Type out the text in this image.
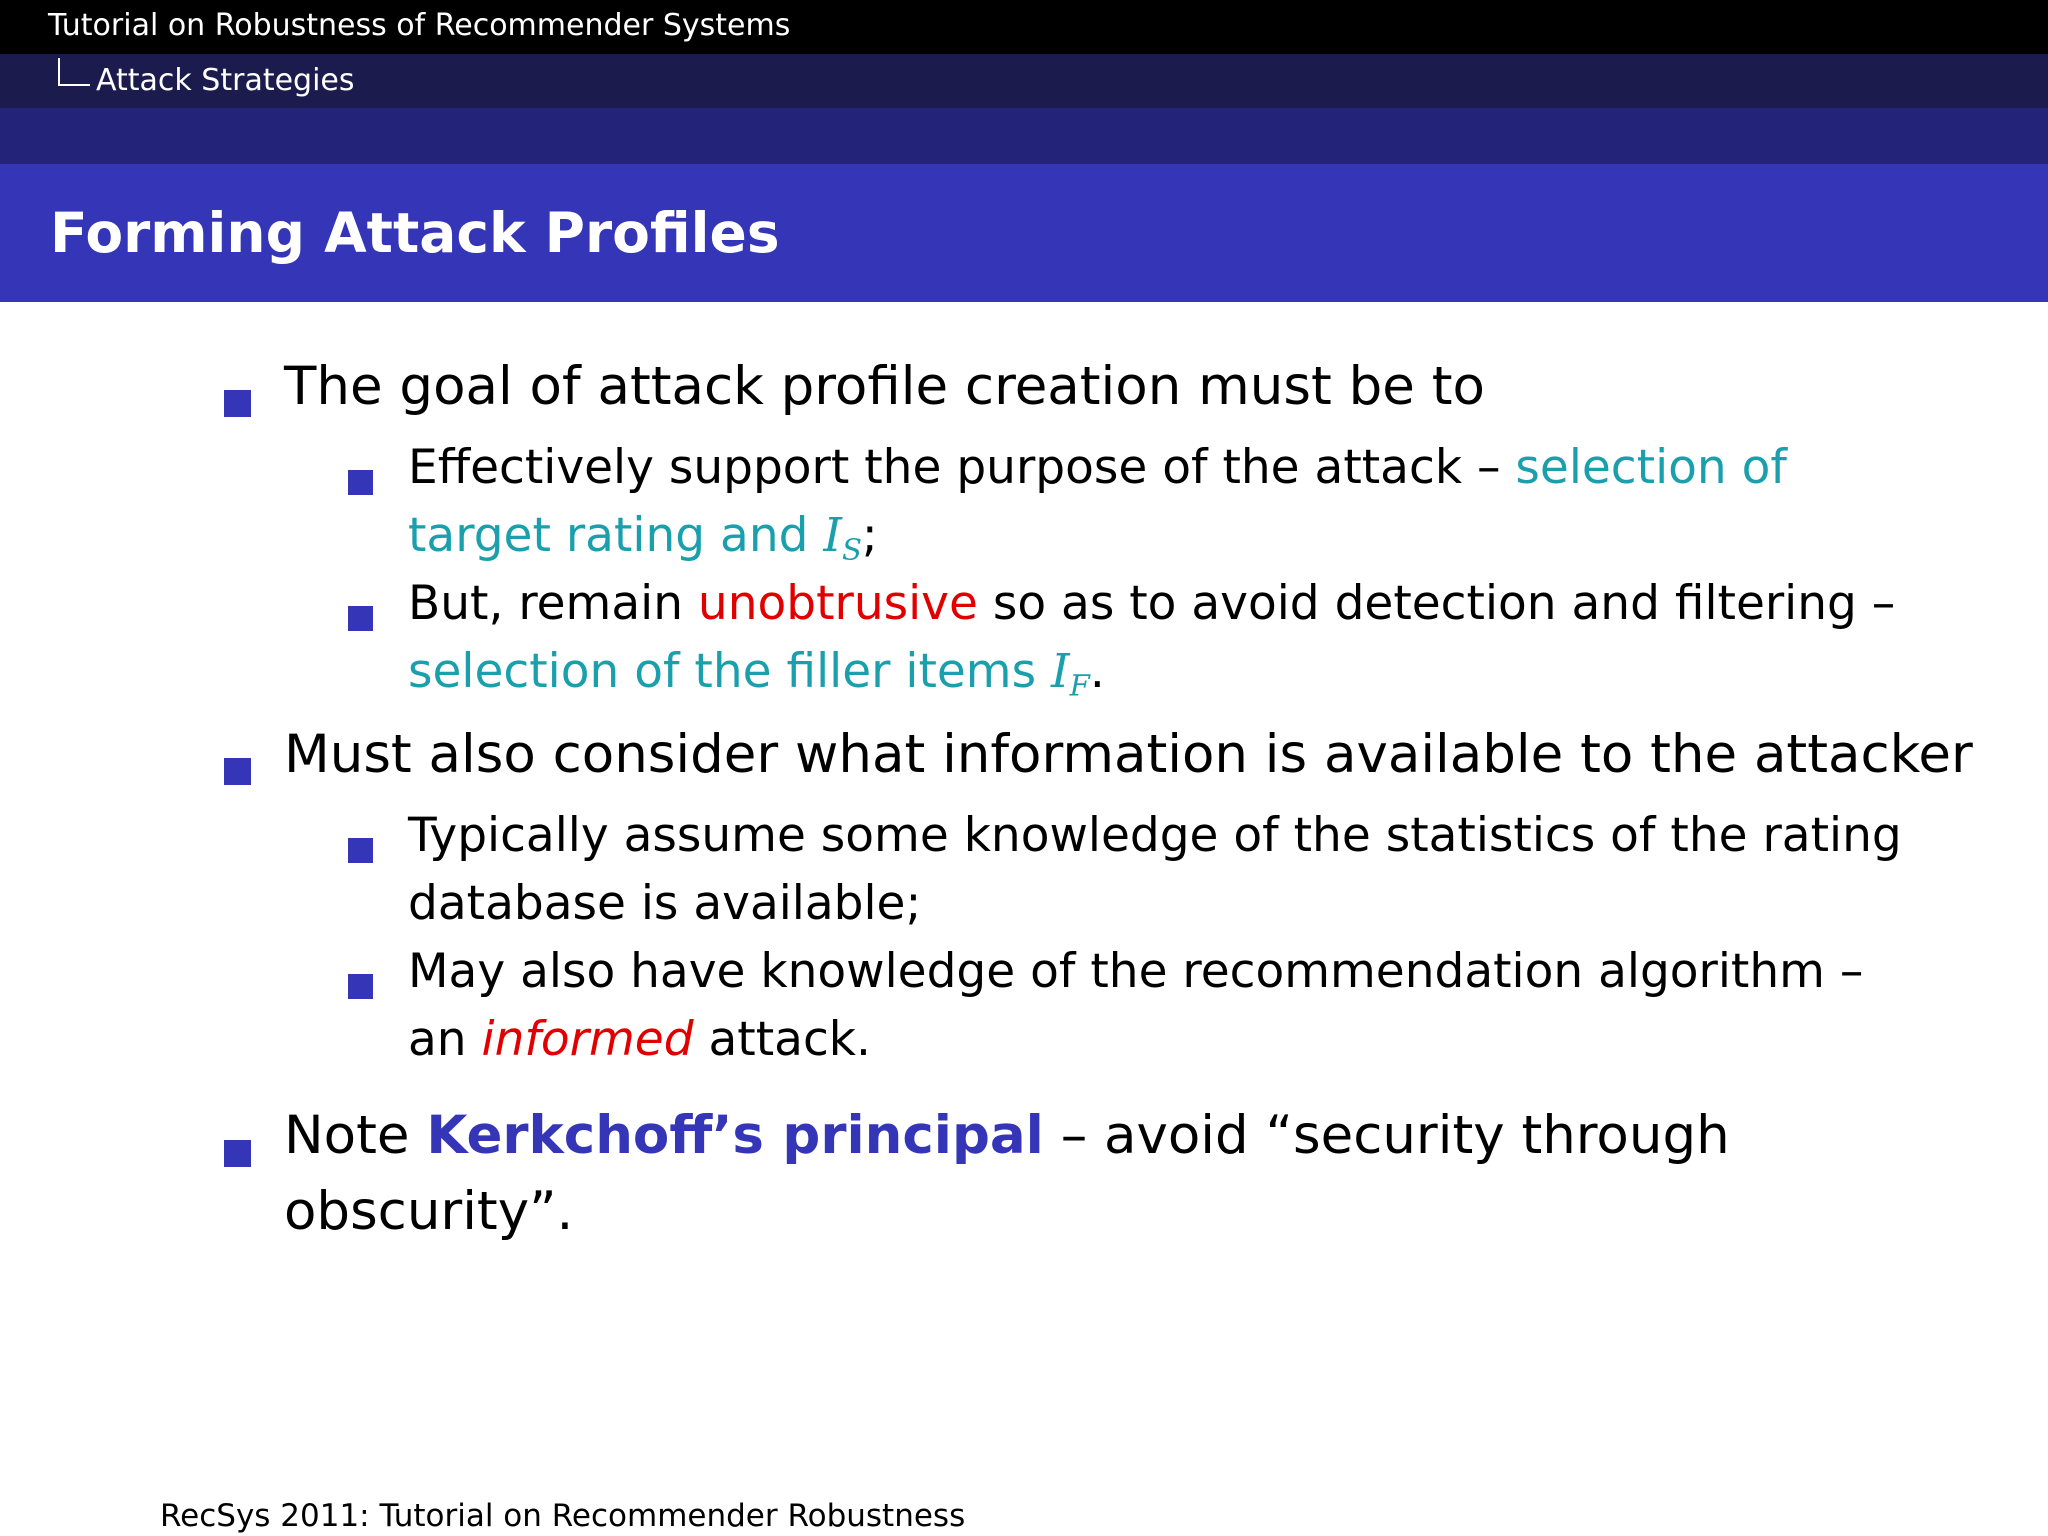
Tutorial on Robustness of Recommender Systems
Attack Strategies
Forming Attack Profiles
The goal of attack profile creation must be to
Effectively support the purpose of the attack – selection of target rating and $I_S$;
But, remain unobtrusive so as to avoid detection and filtering – selection of the filler items $I_F$.
Must also consider what information is available to the attacker
Typically assume some knowledge of the statistics of the rating database is available;
May also have knowledge of the recommendation algorithm – an informed attack.
Note Kerkchoff’s principal – avoid “security through obscurity”.
RecSys 2011: Tutorial on Recommender Robustness
